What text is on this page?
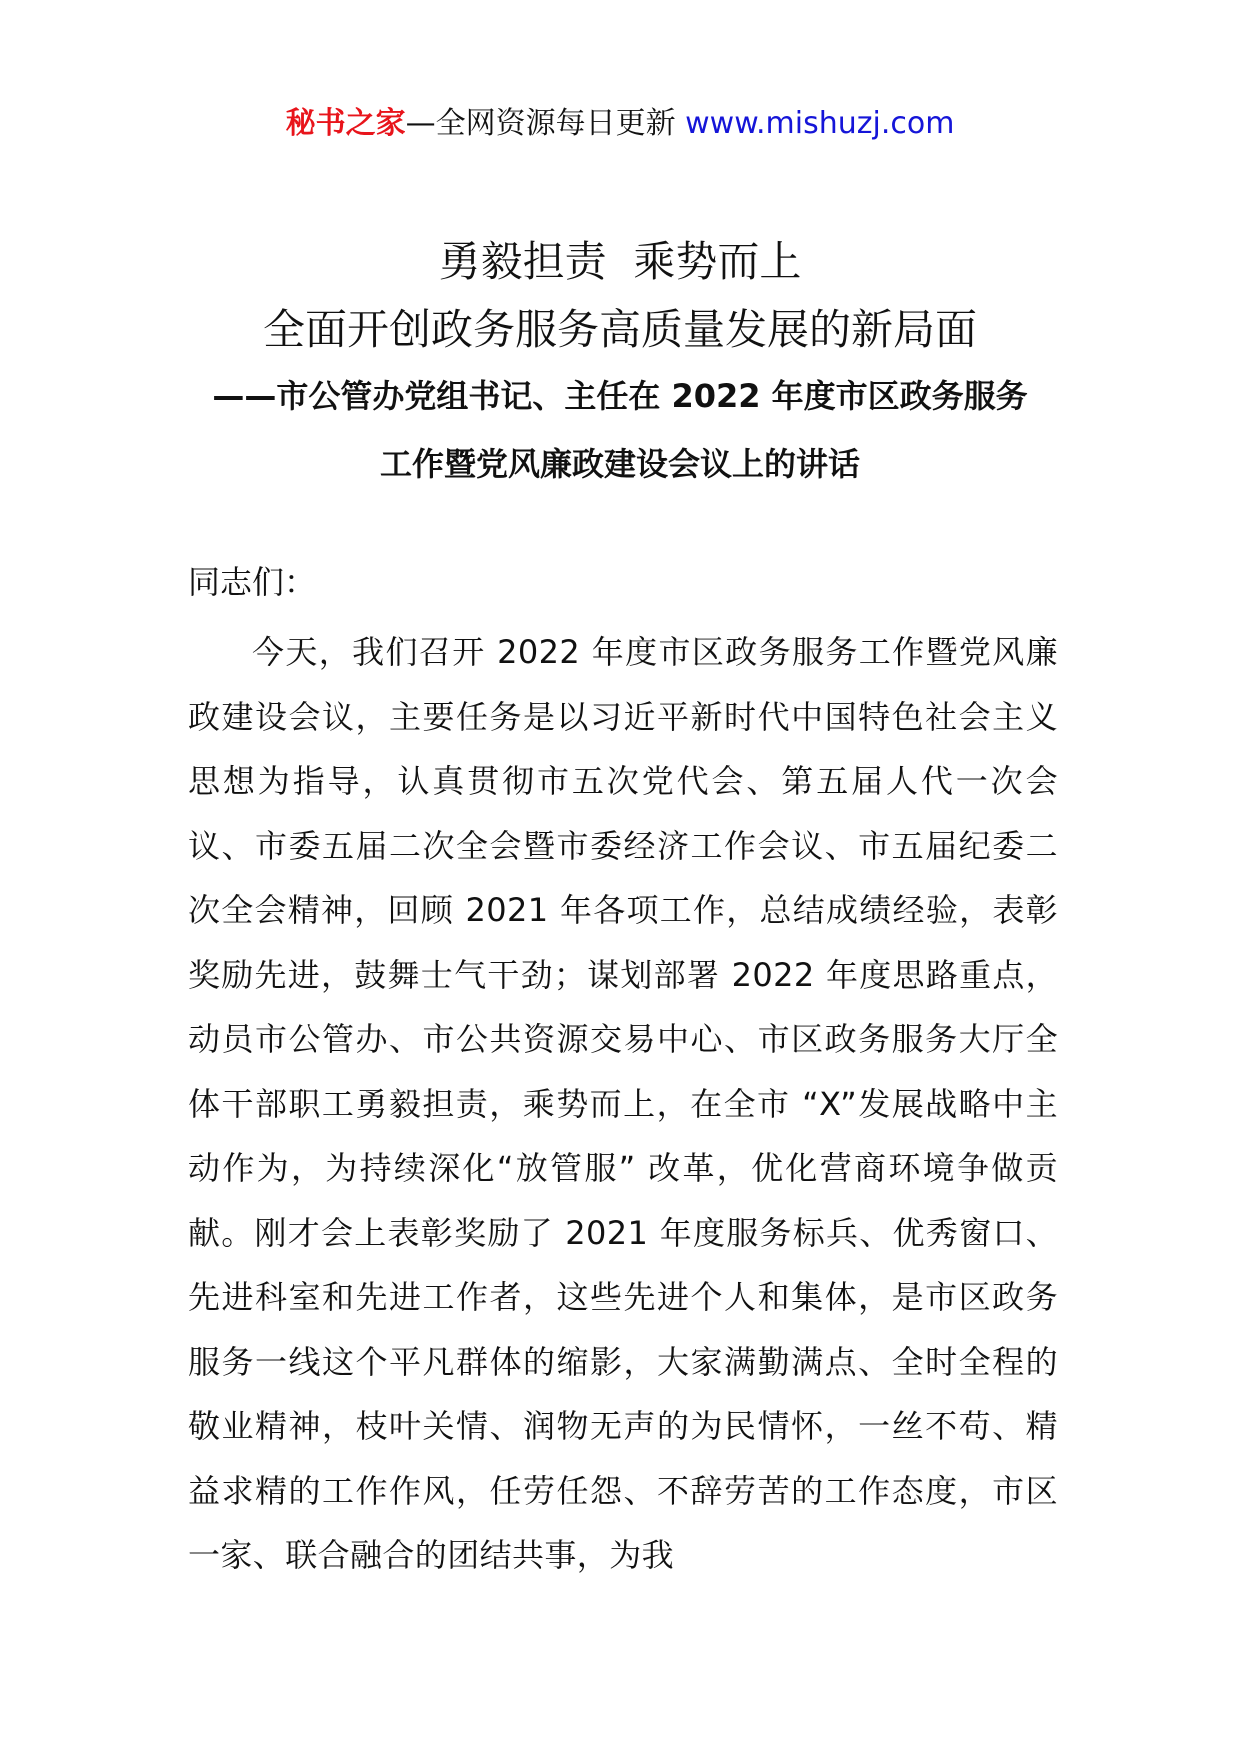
秘书之家—全网资源每日更新 www.mishuzj.com
勇毅担责  乘势而上
全面开创政务服务高质量发展的新局面
——市公管办党组书记、主任在 2022 年度市区政务服务
工作暨党风廉政建设会议上的讲话
同志们：

今天，我们召开 2022 年度市区政务服务工作暨党风廉政建设会议，主要任务是以习近平新时代中国特色社会主义思想为指导，认真贯彻市五次党代会、第五届人代一次会议、市委五届二次全会暨市委经济工作会议、市五届纪委二次全会精神，回顾 2021 年各项工作，总结成绩经验，表彰奖励先进，鼓舞士气干劲；谋划部署 2022 年度思路重点，动员市公管办、市公共资源交易中心、市区政务服务大厅全体干部职工勇毅担责，乘势而上，在全市 “X”发展战略中主动作为，为持续深化“放管服” 改革，优化营商环境争做贡献。刚才会上表彰奖励了 2021 年度服务标兵、优秀窗口、先进科室和先进工作者，这些先进个人和集体，是市区政务服务一线这个平凡群体的缩影，大家满勤满点、全时全程的敬业精神，枝叶关情、润物无声的为民情怀，一丝不苟、精益求精的工作作风，任劳任怨、不辞劳苦的工作态度，市区一家、联合融合的团结共事，为我
